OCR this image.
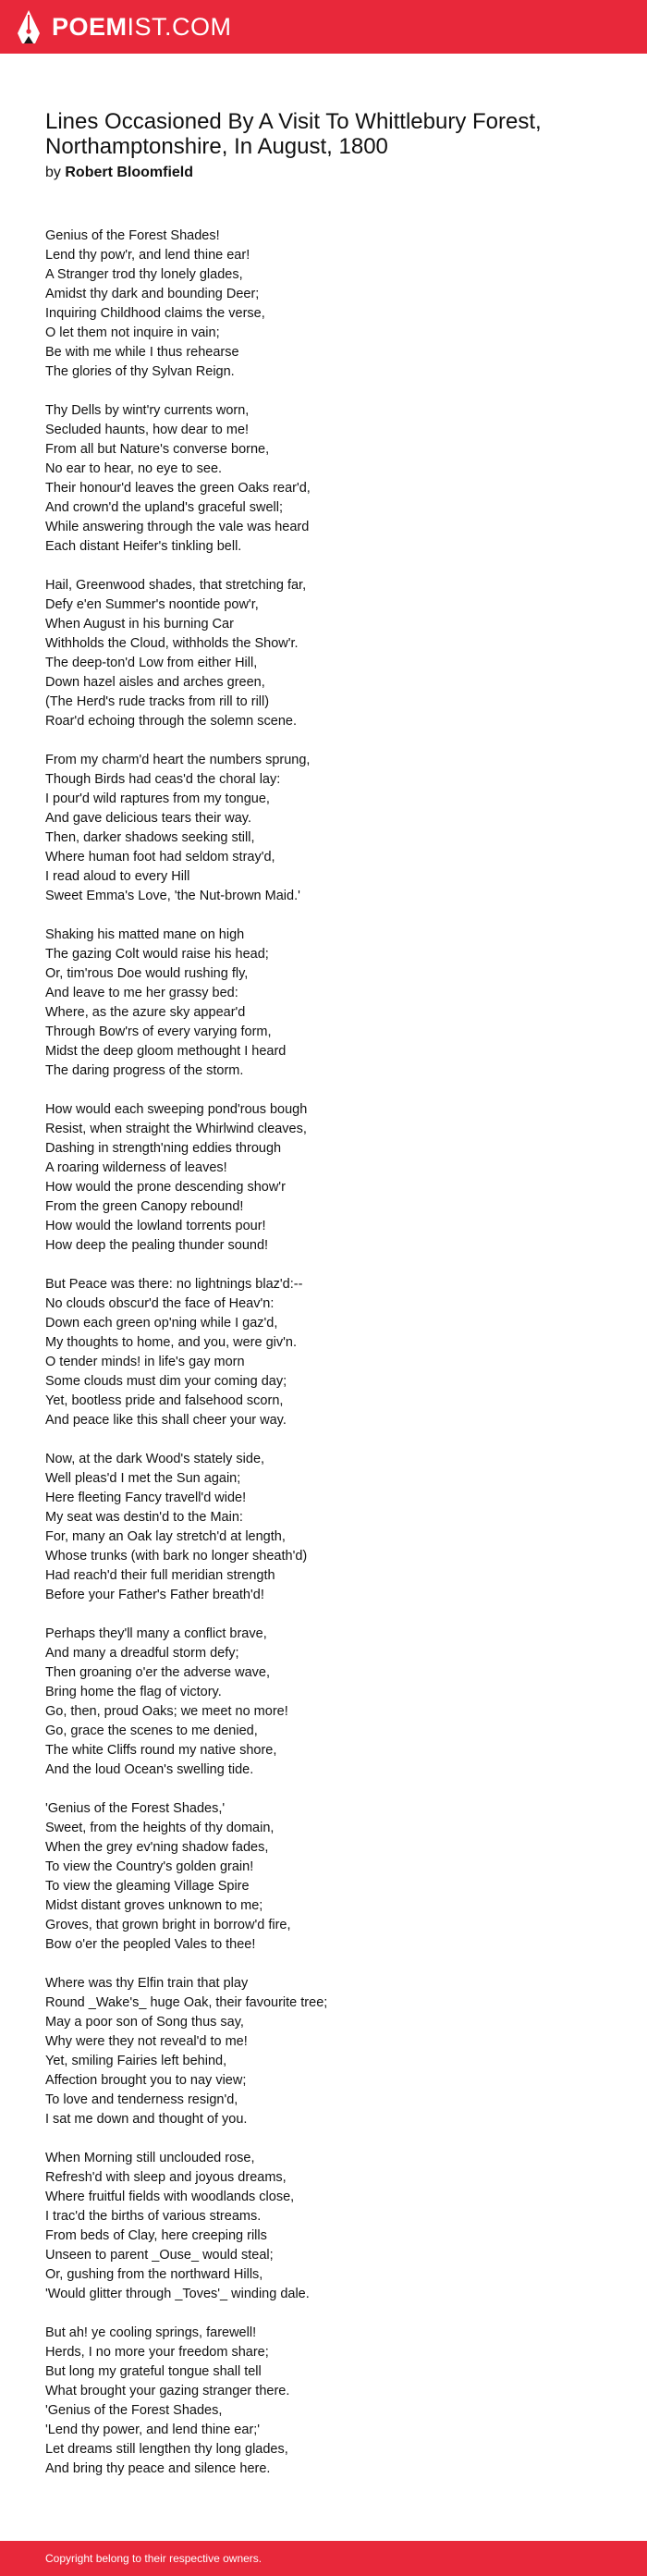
POEMIST.COM
Lines Occasioned By A Visit To Whittlebury Forest, Northamptonshire, In August, 1800
by Robert Bloomfield
Genius of the Forest Shades!
Lend thy pow'r, and lend thine ear!
A Stranger trod thy lonely glades,
Amidst thy dark and bounding Deer;
Inquiring Childhood claims the verse,
O let them not inquire in vain;
Be with me while I thus rehearse
The glories of thy Sylvan Reign.
Thy Dells by wint'ry currents worn,
Secluded haunts, how dear to me!
From all but Nature's converse borne,
No ear to hear, no eye to see.
Their honour'd leaves the green Oaks rear'd,
And crown'd the upland's graceful swell;
While answering through the vale was heard
Each distant Heifer's tinkling bell.
Hail, Greenwood shades, that stretching far,
Defy e'en Summer's noontide pow'r,
When August in his burning Car
Withholds the Cloud, withholds the Show'r.
The deep-ton'd Low from either Hill,
Down hazel aisles and arches green,
(The Herd's rude tracks from rill to rill)
Roar'd echoing through the solemn scene.
From my charm'd heart the numbers sprung,
Though Birds had ceas'd the choral lay:
I pour'd wild raptures from my tongue,
And gave delicious tears their way.
Then, darker shadows seeking still,
Where human foot had seldom stray'd,
I read aloud to every Hill
Sweet Emma's Love, 'the Nut-brown Maid.'
Shaking his matted mane on high
The gazing Colt would raise his head;
Or, tim'rous Doe would rushing fly,
And leave to me her grassy bed:
Where, as the azure sky appear'd
Through Bow'rs of every varying form,
Midst the deep gloom methought I heard
The daring progress of the storm.
How would each sweeping pond'rous bough
Resist, when straight the Whirlwind cleaves,
Dashing in strength'ning eddies through
A roaring wilderness of leaves!
How would the prone descending show'r
From the green Canopy rebound!
How would the lowland torrents pour!
How deep the pealing thunder sound!
But Peace was there: no lightnings blaz'd:--
No clouds obscur'd the face of Heav'n:
Down each green op'ning while I gaz'd,
My thoughts to home, and you, were giv'n.
O tender minds! in life's gay morn
Some clouds must dim your coming day;
Yet, bootless pride and falsehood scorn,
And peace like this shall cheer your way.
Now, at the dark Wood's stately side,
Well pleas'd I met the Sun again;
Here fleeting Fancy travell'd wide!
My seat was destin'd to the Main:
For, many an Oak lay stretch'd at length,
Whose trunks (with bark no longer sheath'd)
Had reach'd their full meridian strength
Before your Father's Father breath'd!
Perhaps they'll many a conflict brave,
And many a dreadful storm defy;
Then groaning o'er the adverse wave,
Bring home the flag of victory.
Go, then, proud Oaks; we meet no more!
Go, grace the scenes to me denied,
The white Cliffs round my native shore,
And the loud Ocean's swelling tide.
'Genius of the Forest Shades,'
Sweet, from the heights of thy domain,
When the grey ev'ning shadow fades,
To view the Country's golden grain!
To view the gleaming Village Spire
Midst distant groves unknown to me;
Groves, that grown bright in borrow'd fire,
Bow o'er the peopled Vales to thee!
Where was thy Elfin train that play
Round _Wake's_ huge Oak, their favourite tree;
May a poor son of Song thus say,
Why were they not reveal'd to me!
Yet, smiling Fairies left behind,
Affection brought you to nay view;
To love and tenderness resign'd,
I sat me down and thought of you.
When Morning still unclouded rose,
Refresh'd with sleep and joyous dreams,
Where fruitful fields with woodlands close,
I trac'd the births of various streams.
From beds of Clay, here creeping rills
Unseen to parent _Ouse_ would steal;
Or, gushing from the northward Hills,
'Would glitter through _Toves'_ winding dale.
But ah! ye cooling springs, farewell!
Herds, I no more your freedom share;
But long my grateful tongue shall tell
What brought your gazing stranger there.
'Genius of the Forest Shades,
'Lend thy power, and lend thine ear;'
Let dreams still lengthen thy long glades,
And bring thy peace and silence here.
Copyright belong to their respective owners.
